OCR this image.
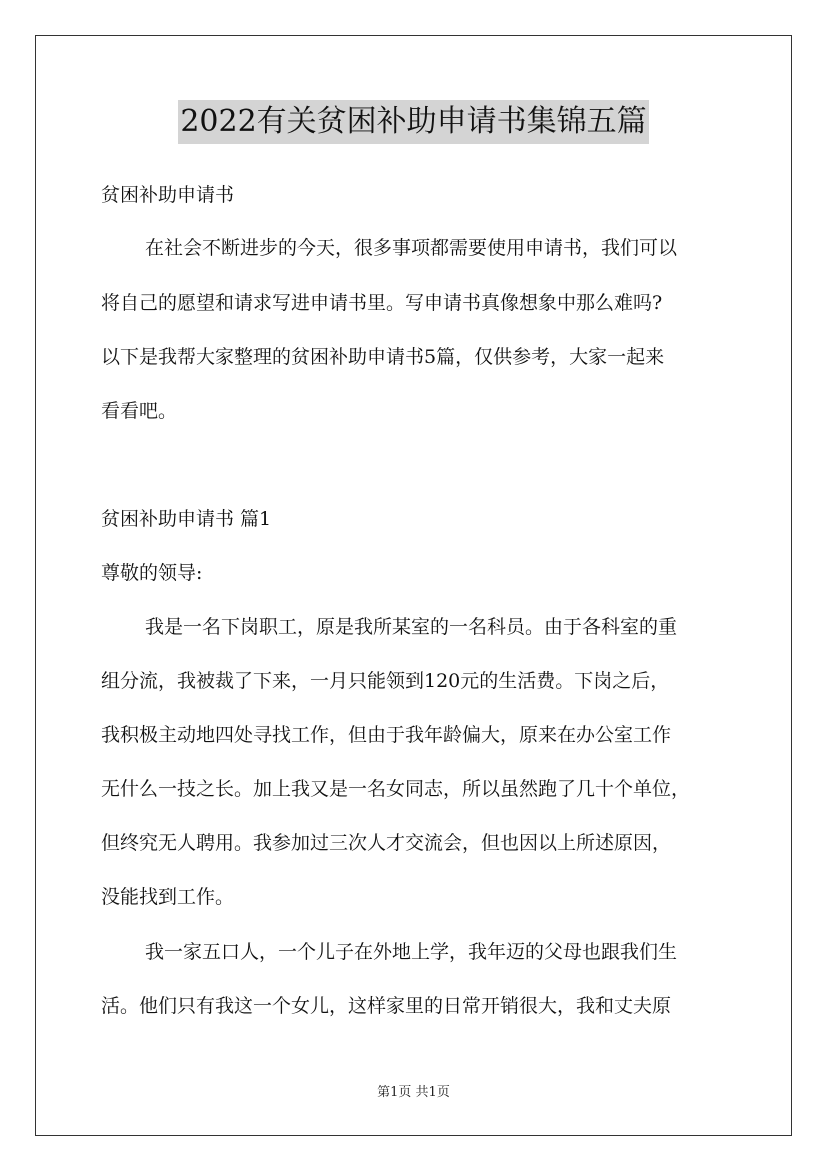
2022有关贫困补助申请书集锦五篇
贫困补助申请书
在社会不断进步的今天，很多事项都需要使用申请书，我们可以
将自己的愿望和请求写进申请书里。写申请书真像想象中那么难吗?
以下是我帮大家整理的贫困补助申请书5篇，仅供参考，大家一起来
看看吧。
贫困补助申请书 篇1
尊敬的领导:
我是一名下岗职工，原是我所某室的一名科员。由于各科室的重
组分流，我被裁了下来，一月只能领到120元的生活费。下岗之后，
我积极主动地四处寻找工作，但由于我年龄偏大，原来在办公室工作
无什么一技之长。加上我又是一名女同志，所以虽然跑了几十个单位，
但终究无人聘用。我参加过三次人才交流会，但也因以上所述原因，
没能找到工作。
我一家五口人，一个儿子在外地上学，我年迈的父母也跟我们生
活。他们只有我这一个女儿，这样家里的日常开销很大，我和丈夫原
第1页 共1页
